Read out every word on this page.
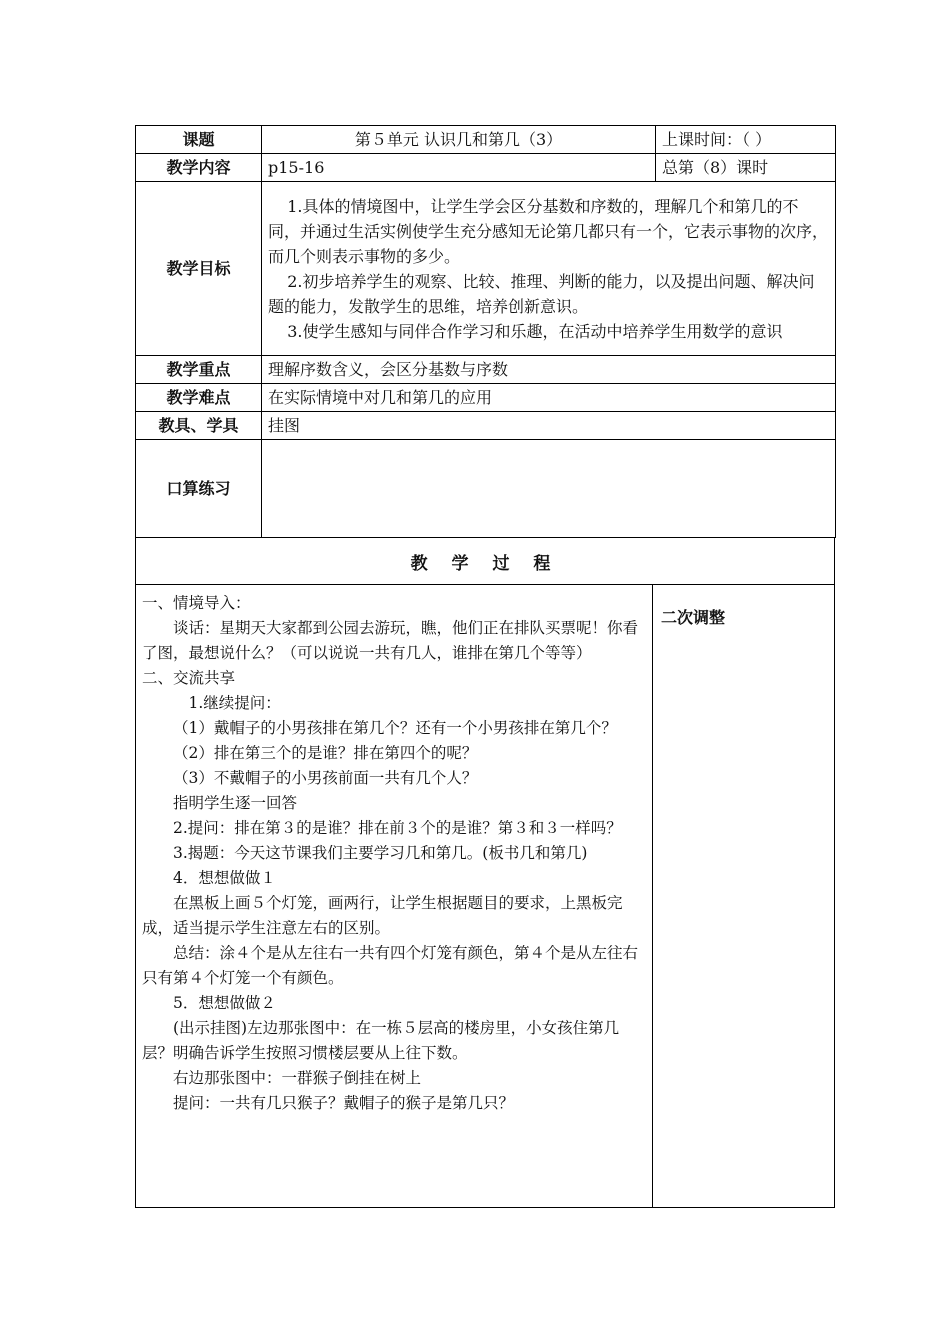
课题	第５单元 认识几和第几（3）	上课时间：（ ）
教学内容	p15-16	总第（8）课时
教学目标	1.具体的情境图中，让学生学会区分基数和序数的，理解几个和第几的不同，并通过生活实例使学生充分感知无论第几都只有一个，它表示事物的次序，而几个则表示事物的多少。
2.初步培养学生的观察、比较、推理、判断的能力，以及提出问题、解决问题的能力，发散学生的思维，培养创新意识。
3.使学生感知与同伴合作学习和乐趣，在活动中培养学生用数学的意识	

教学重点	理解序数含义，会区分基数与序数	
教学难点	在实际情境中对几和第几的应用	
教具、学具	挂图	
口算练习		
教 学 过 程
一、情境导入：
谈话：星期天大家都到公园去游玩，瞧，他们正在排队买票呢！你看了图，最想说什么？（可以说说一共有几人，谁排在第几个等等）
二、交流共享
1.继续提问：
（1）戴帽子的小男孩排在第几个？还有一个小男孩排在第几个？
（2）排在第三个的是谁？排在第四个的呢？
（3）不戴帽子的小男孩前面一共有几个人？
指明学生逐一回答
2.提问：排在第３的是谁？排在前３个的是谁？第３和３一样吗？
3.揭题：今天这节课我们主要学习几和第几。(板书几和第几)
4．想想做做１
在黑板上画５个灯笼，画两行，让学生根据题目的要求，上黑板完成，适当提示学生注意左右的区别。
总结：涂４个是从左往右一共有四个灯笼有颜色，第４个是从左往右只有第４个灯笼一个有颜色。
5．想想做做２
(出示挂图)左边那张图中：在一栋５层高的楼房里，小女孩住第几层？明确告诉学生按照习惯楼层要从上往下数。
右边那张图中：一群猴子倒挂在树上
提问：一共有几只猴子？戴帽子的猴子是第几只？
二次调整
